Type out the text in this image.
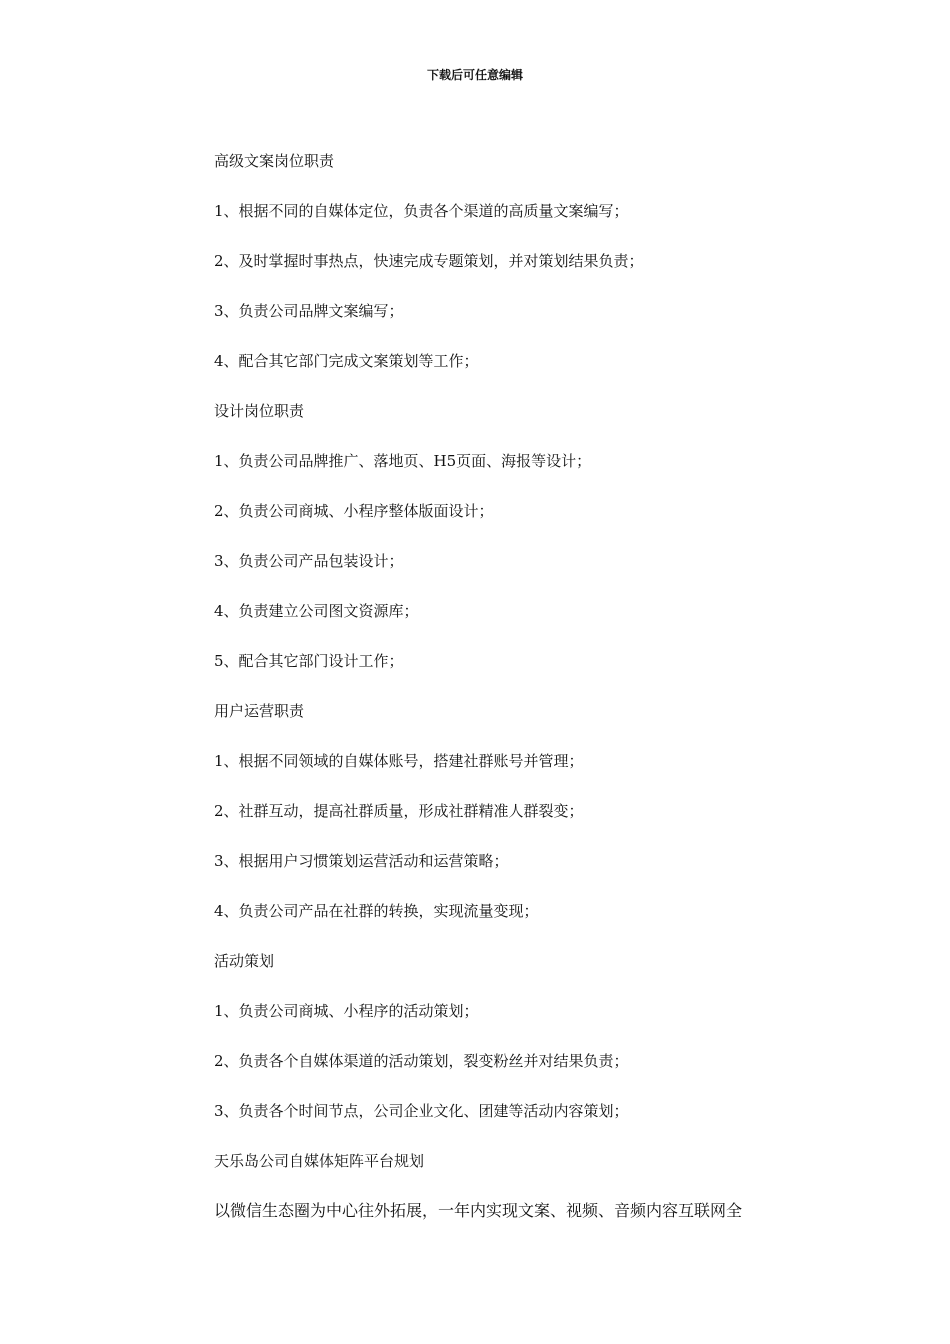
下载后可任意编辑
高级文案岗位职责
1、根据不同的自媒体定位，负责各个渠道的高质量文案编写；
2、及时掌握时事热点，快速完成专题策划，并对策划结果负责；
3、负责公司品牌文案编写；
4、配合其它部门完成文案策划等工作；
设计岗位职责
1、负责公司品牌推广、落地页、H5页面、海报等设计；
2、负责公司商城、小程序整体版面设计；
3、负责公司产品包装设计；
4、负责建立公司图文资源库；
5、配合其它部门设计工作；
用户运营职责
1、根据不同领域的自媒体账号，搭建社群账号并管理；
2、社群互动，提高社群质量，形成社群精准人群裂变；
3、根据用户习惯策划运营活动和运营策略；
4、负责公司产品在社群的转换，实现流量变现；
活动策划
1、负责公司商城、小程序的活动策划；
2、负责各个自媒体渠道的活动策划，裂变粉丝并对结果负责；
3、负责各个时间节点，公司企业文化、团建等活动内容策划；
天乐岛公司自媒体矩阵平台规划
以微信生态圈为中心往外拓展，一年内实现文案、视频、音频内容互联网全
